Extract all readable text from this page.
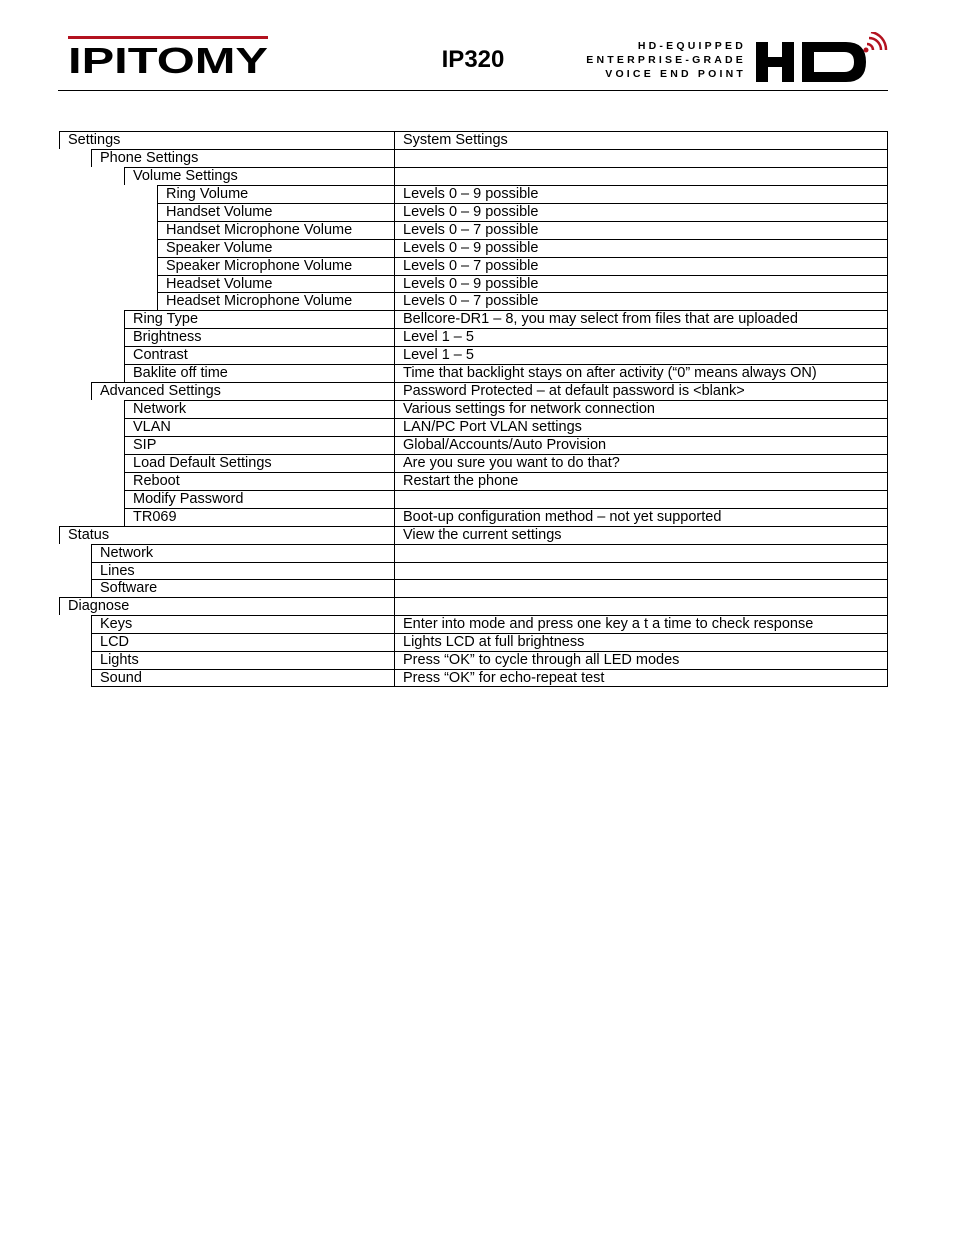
IPITOMY	IP320	HD-EQUIPPED
ENTERPRISE-GRADE
VOICE END POINT
Settings	System Settings
Phone Settings
Volume Settings
Ring Volume	Levels 0 – 9 possible
Handset Volume	Levels 0 – 9 possible
Handset Microphone Volume	Levels 0 – 7 possible
Speaker Volume	Levels 0 – 9 possible
Speaker Microphone Volume	Levels 0 – 7 possible
Headset Volume	Levels 0 – 9 possible
Headset Microphone Volume	Levels 0 – 7 possible
Ring Type	Bellcore-DR1 – 8, you may select from files that are uploaded
Brightness	Level 1 – 5
Contrast	Level 1 – 5
Baklite off time	Time that backlight stays on after activity (“0” means always ON)
Advanced Settings	Password Protected – at default password is <blank>
Network	Various settings for network connection
VLAN	LAN/PC Port VLAN settings
SIP	Global/Accounts/Auto Provision
Load Default Settings	Are you sure you want to do that?
Reboot	Restart the phone
Modify Password
TR069	Boot-up configuration method – not yet supported
Status	View the current settings
Network
Lines
Software
Diagnose
Keys	Enter into mode and press one key a t a time to check response
LCD	Lights LCD at full brightness
Lights	Press “OK” to cycle through all LED modes
Sound	Press “OK” for echo-repeat test
